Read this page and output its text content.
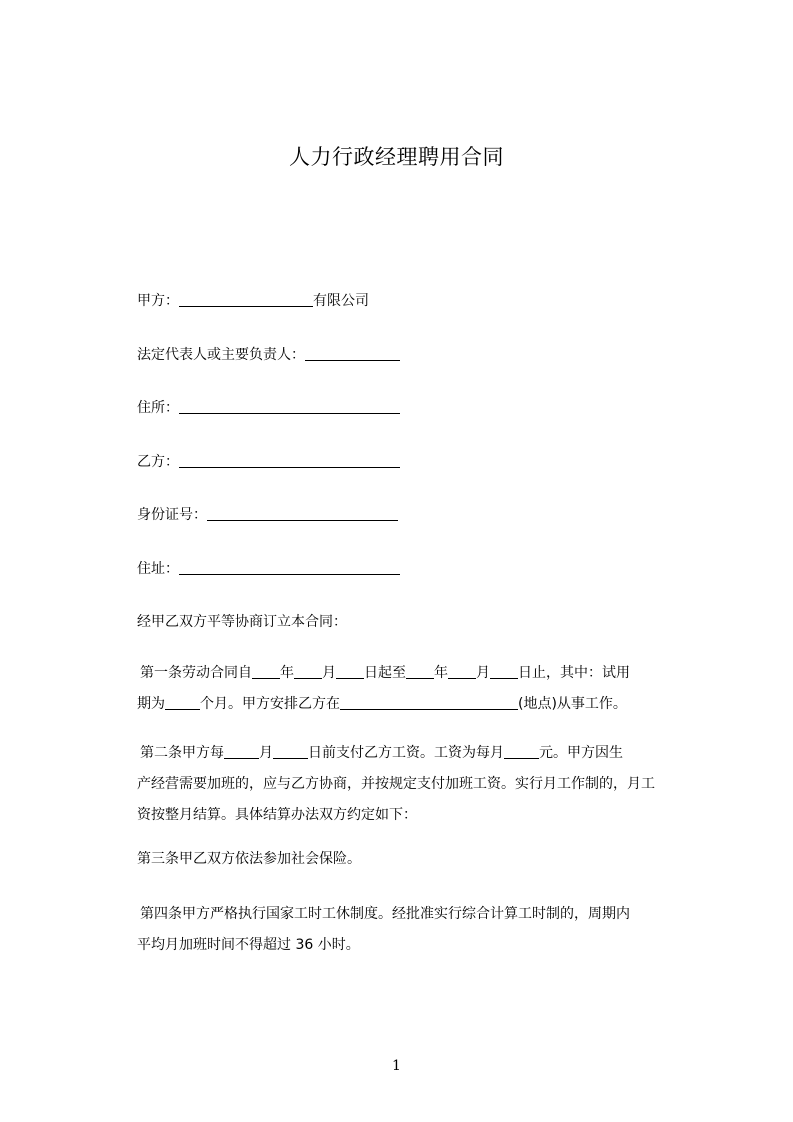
人力行政经理聘用合同
甲方：	有限公司
法定代表人或主要负责人：
住所：
乙方：
身份证号：
住址：
经甲乙双方平等协商订立本合同：
第一条劳动合同自 年 月 日起至 年 月 日止，其中：试用
期为	个月。甲方安排乙方在	(地点)从事工作。
第二条甲方每	月	日前支付乙方工资。工资为每月	元。甲方因生
产经营需要加班的，应与乙方协商，并按规定支付加班工资。实行月工作制的，月工
资按整月结算。具体结算办法双方约定如下：
第三条甲乙双方依法参加社会保险。
第四条甲方严格执行国家工时工休制度。经批准实行综合计算工时制的，周期内
平均月加班时间不得超过 36 小时。
1
